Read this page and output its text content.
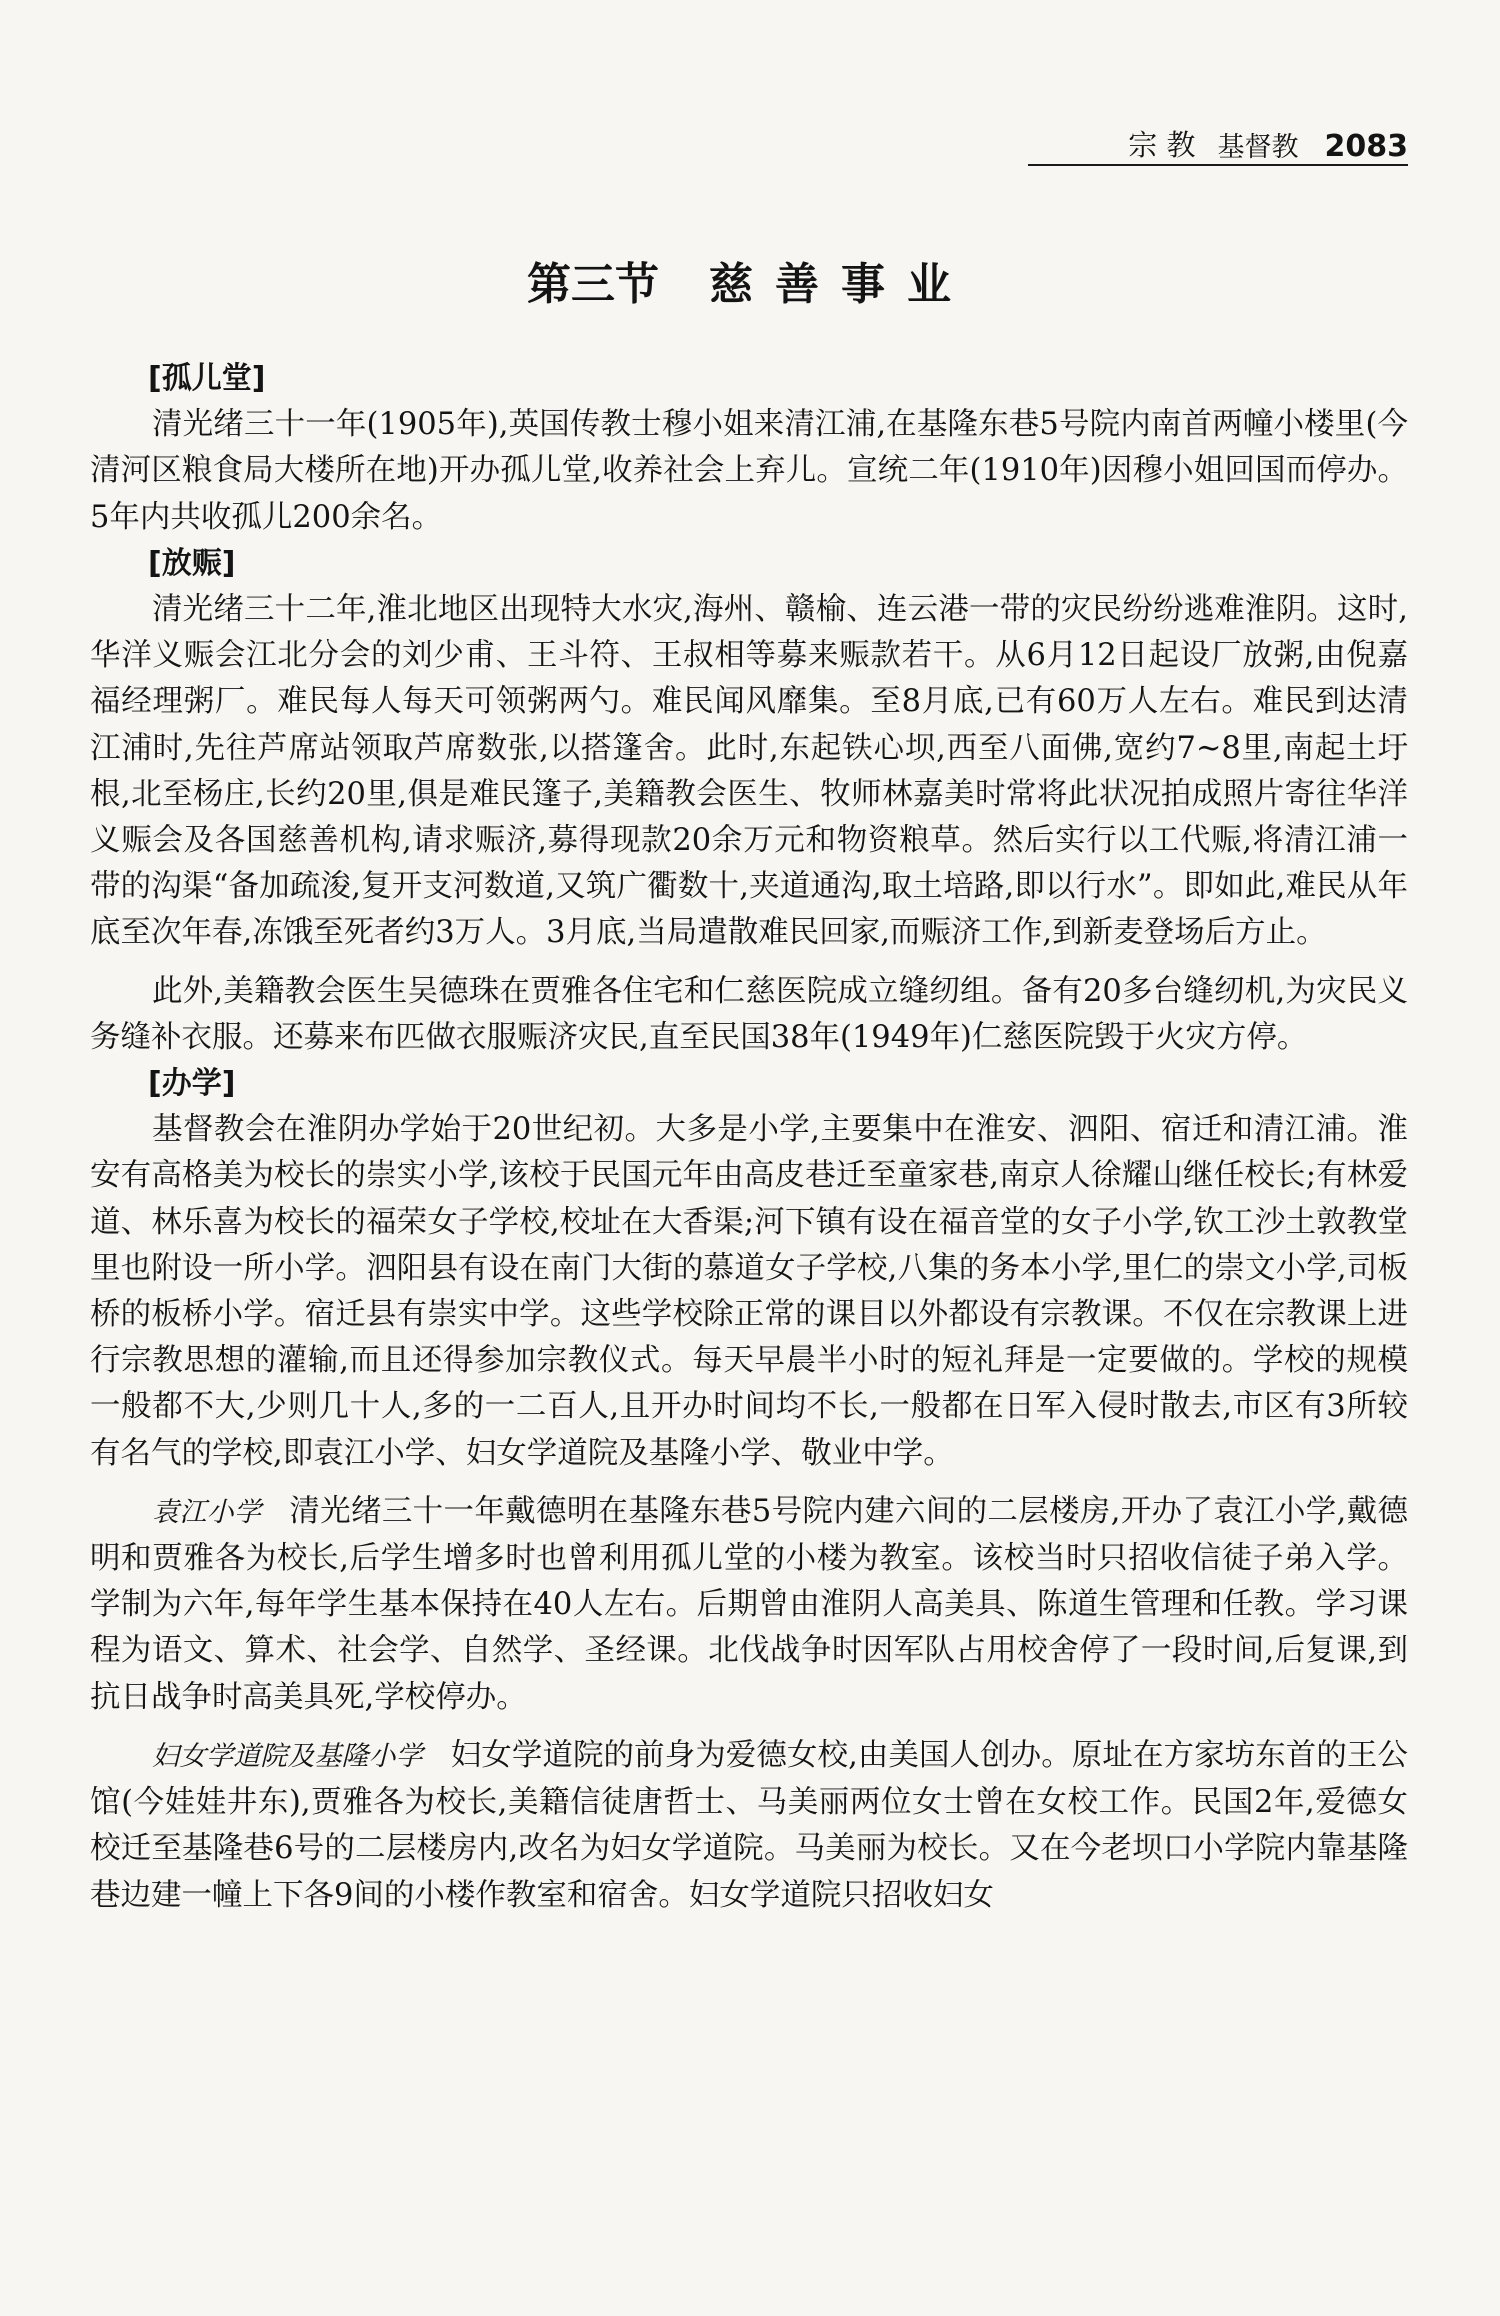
宗 教 基督教 2083
第三节 慈善事业

[孤儿堂]

清光绪三十一年(1905年),英国传教士穆小姐来清江浦,在基隆东巷5号院内南首两幢小楼里(今清河区粮食局大楼所在地)开办孤儿堂,收养社会上弃儿。宣统二年(1910年)因穆小姐回国而停办。5年内共收孤儿200余名。

[放赈]

清光绪三十二年,淮北地区出现特大水灾,海州、赣榆、连云港一带的灾民纷纷逃难淮阴。这时,华洋义赈会江北分会的刘少甫、王斗符、王叔相等募来赈款若干。从6月12日起设厂放粥,由倪嘉福经理粥厂。难民每人每天可领粥两勺。难民闻风靡集。至8月底,已有60万人左右。难民到达清江浦时,先往芦席站领取芦席数张,以搭篷舍。此时,东起铁心坝,西至八面佛,宽约7~8里,南起土圩根,北至杨庄,长约20里,俱是难民篷子,美籍教会医生、牧师林嘉美时常将此状况拍成照片寄往华洋义赈会及各国慈善机构,请求赈济,募得现款20余万元和物资粮草。然后实行以工代赈,将清江浦一带的沟渠“备加疏浚,复开支河数道,又筑广衢数十,夹道通沟,取土培路,即以行水”。即如此,难民从年底至次年春,冻饿至死者约3万人。3月底,当局遣散难民回家,而赈济工作,到新麦登场后方止。

此外,美籍教会医生吴德珠在贾雅各住宅和仁慈医院成立缝纫组。备有20多台缝纫机,为灾民义务缝补衣服。还募来布匹做衣服赈济灾民,直至民国38年(1949年)仁慈医院毁于火灾方停。

[办学]

基督教会在淮阴办学始于20世纪初。大多是小学,主要集中在淮安、泗阳、宿迁和清江浦。淮安有高格美为校长的崇实小学,该校于民国元年由高皮巷迁至童家巷,南京人徐耀山继任校长;有林爱道、林乐喜为校长的福荣女子学校,校址在大香渠;河下镇有设在福音堂的女子小学,钦工沙土敦教堂里也附设一所小学。泗阳县有设在南门大街的慕道女子学校,八集的务本小学,里仁的崇文小学,司板桥的板桥小学。宿迁县有崇实中学。这些学校除正常的课目以外都设有宗教课。不仅在宗教课上进行宗教思想的灌输,而且还得参加宗教仪式。每天早晨半小时的短礼拜是一定要做的。学校的规模一般都不大,少则几十人,多的一二百人,且开办时间均不长,一般都在日军入侵时散去,市区有3所较有名气的学校,即袁江小学、妇女学道院及基隆小学、敬业中学。

袁江小学 清光绪三十一年戴德明在基隆东巷5号院内建六间的二层楼房,开办了袁江小学,戴德明和贾雅各为校长,后学生增多时也曾利用孤儿堂的小楼为教室。该校当时只招收信徒子弟入学。学制为六年,每年学生基本保持在40人左右。后期曾由淮阴人高美具、陈道生管理和任教。学习课程为语文、算术、社会学、自然学、圣经课。北伐战争时因军队占用校舍停了一段时间,后复课,到抗日战争时高美具死,学校停办。

妇女学道院及基隆小学 妇女学道院的前身为爱德女校,由美国人创办。原址在方家坊东首的王公馆(今娃娃井东),贾雅各为校长,美籍信徒唐哲士、马美丽两位女士曾在女校工作。民国2年,爱德女校迁至基隆巷6号的二层楼房内,改名为妇女学道院。马美丽为校长。又在今老坝口小学院内靠基隆巷边建一幢上下各9间的小楼作教室和宿舍。妇女学道院只招收妇女
